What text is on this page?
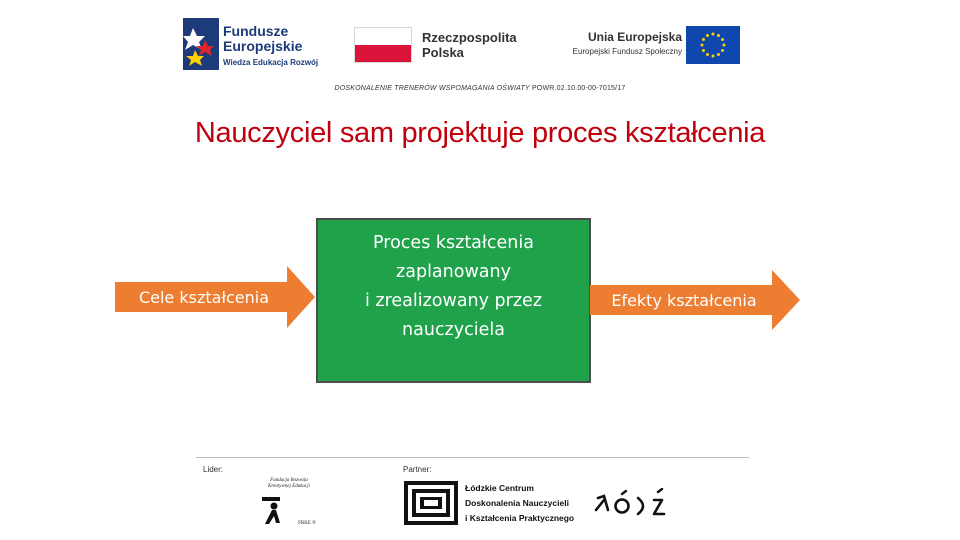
Fundusze
Europejskie
Wiedza Edukacja Rozwój
Rzeczpospolita
Polska
Unia Europejska
Europejski Fundusz Społeczny
DOSKONALENIE TRENERÓW WSPOMAGANIA OŚWIATY POWR.02.10.00-00-7015/17
Nauczyciel sam projektuje proces kształcenia
Cele kształcenia
Proces kształcenia
zaplanowany
i zrealizowany przez
nauczyciela
Efekty kształcenia
Lider:	Partner:
Fundacja Rozwoju Kreatywnej Edukacji
FRKE ®
Łódzkie Centrum
Doskonalenia Nauczycieli
i Kształcenia Praktycznego
